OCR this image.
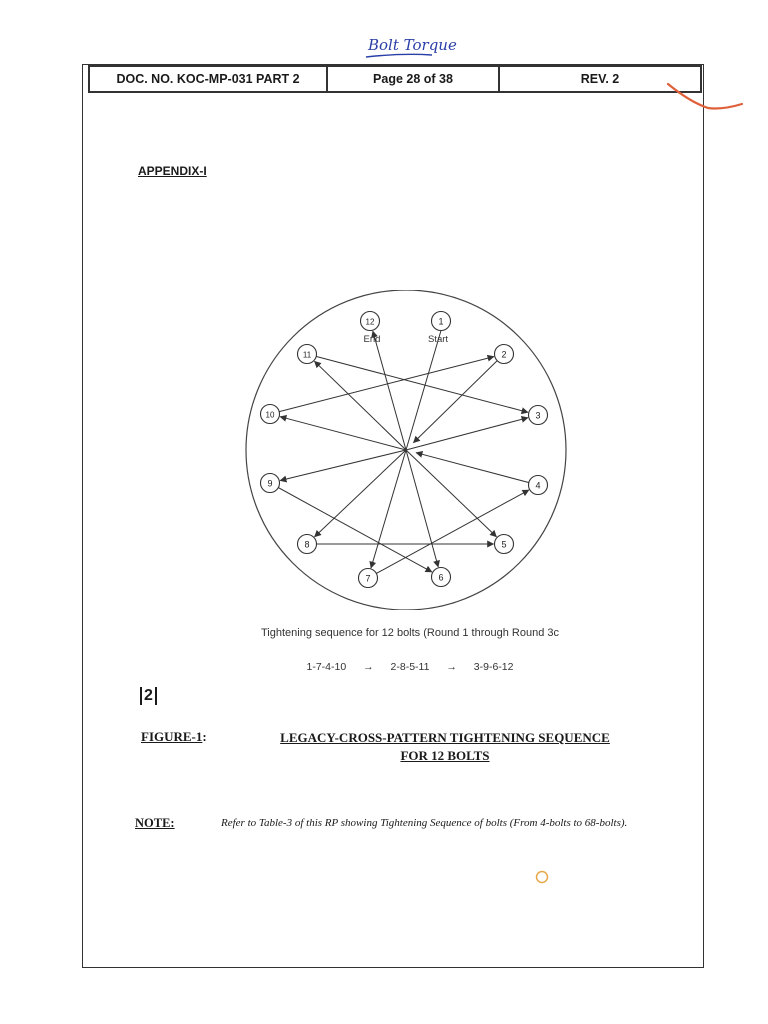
Bolt Torque
DOC. NO. KOC-MP-031 PART 2	Page 28 of 38	REV. 2
APPENDIX-I
1
2
3
4
5
6
7
8
9
10
11
12
Start
End
Tightening sequence for 12 bolts (Round 1 through Round 3c
1-7-4-10 → 2-8-5-11 → 3-9-6-12
2
FIGURE-1:	LEGACY-CROSS-PATTERN TIGHTENING SEQUENCE
FOR 12 BOLTS
NOTE:	Refer to Table-3 of this RP showing Tightening Sequence of bolts (From 4-bolts to 68-bolts).
